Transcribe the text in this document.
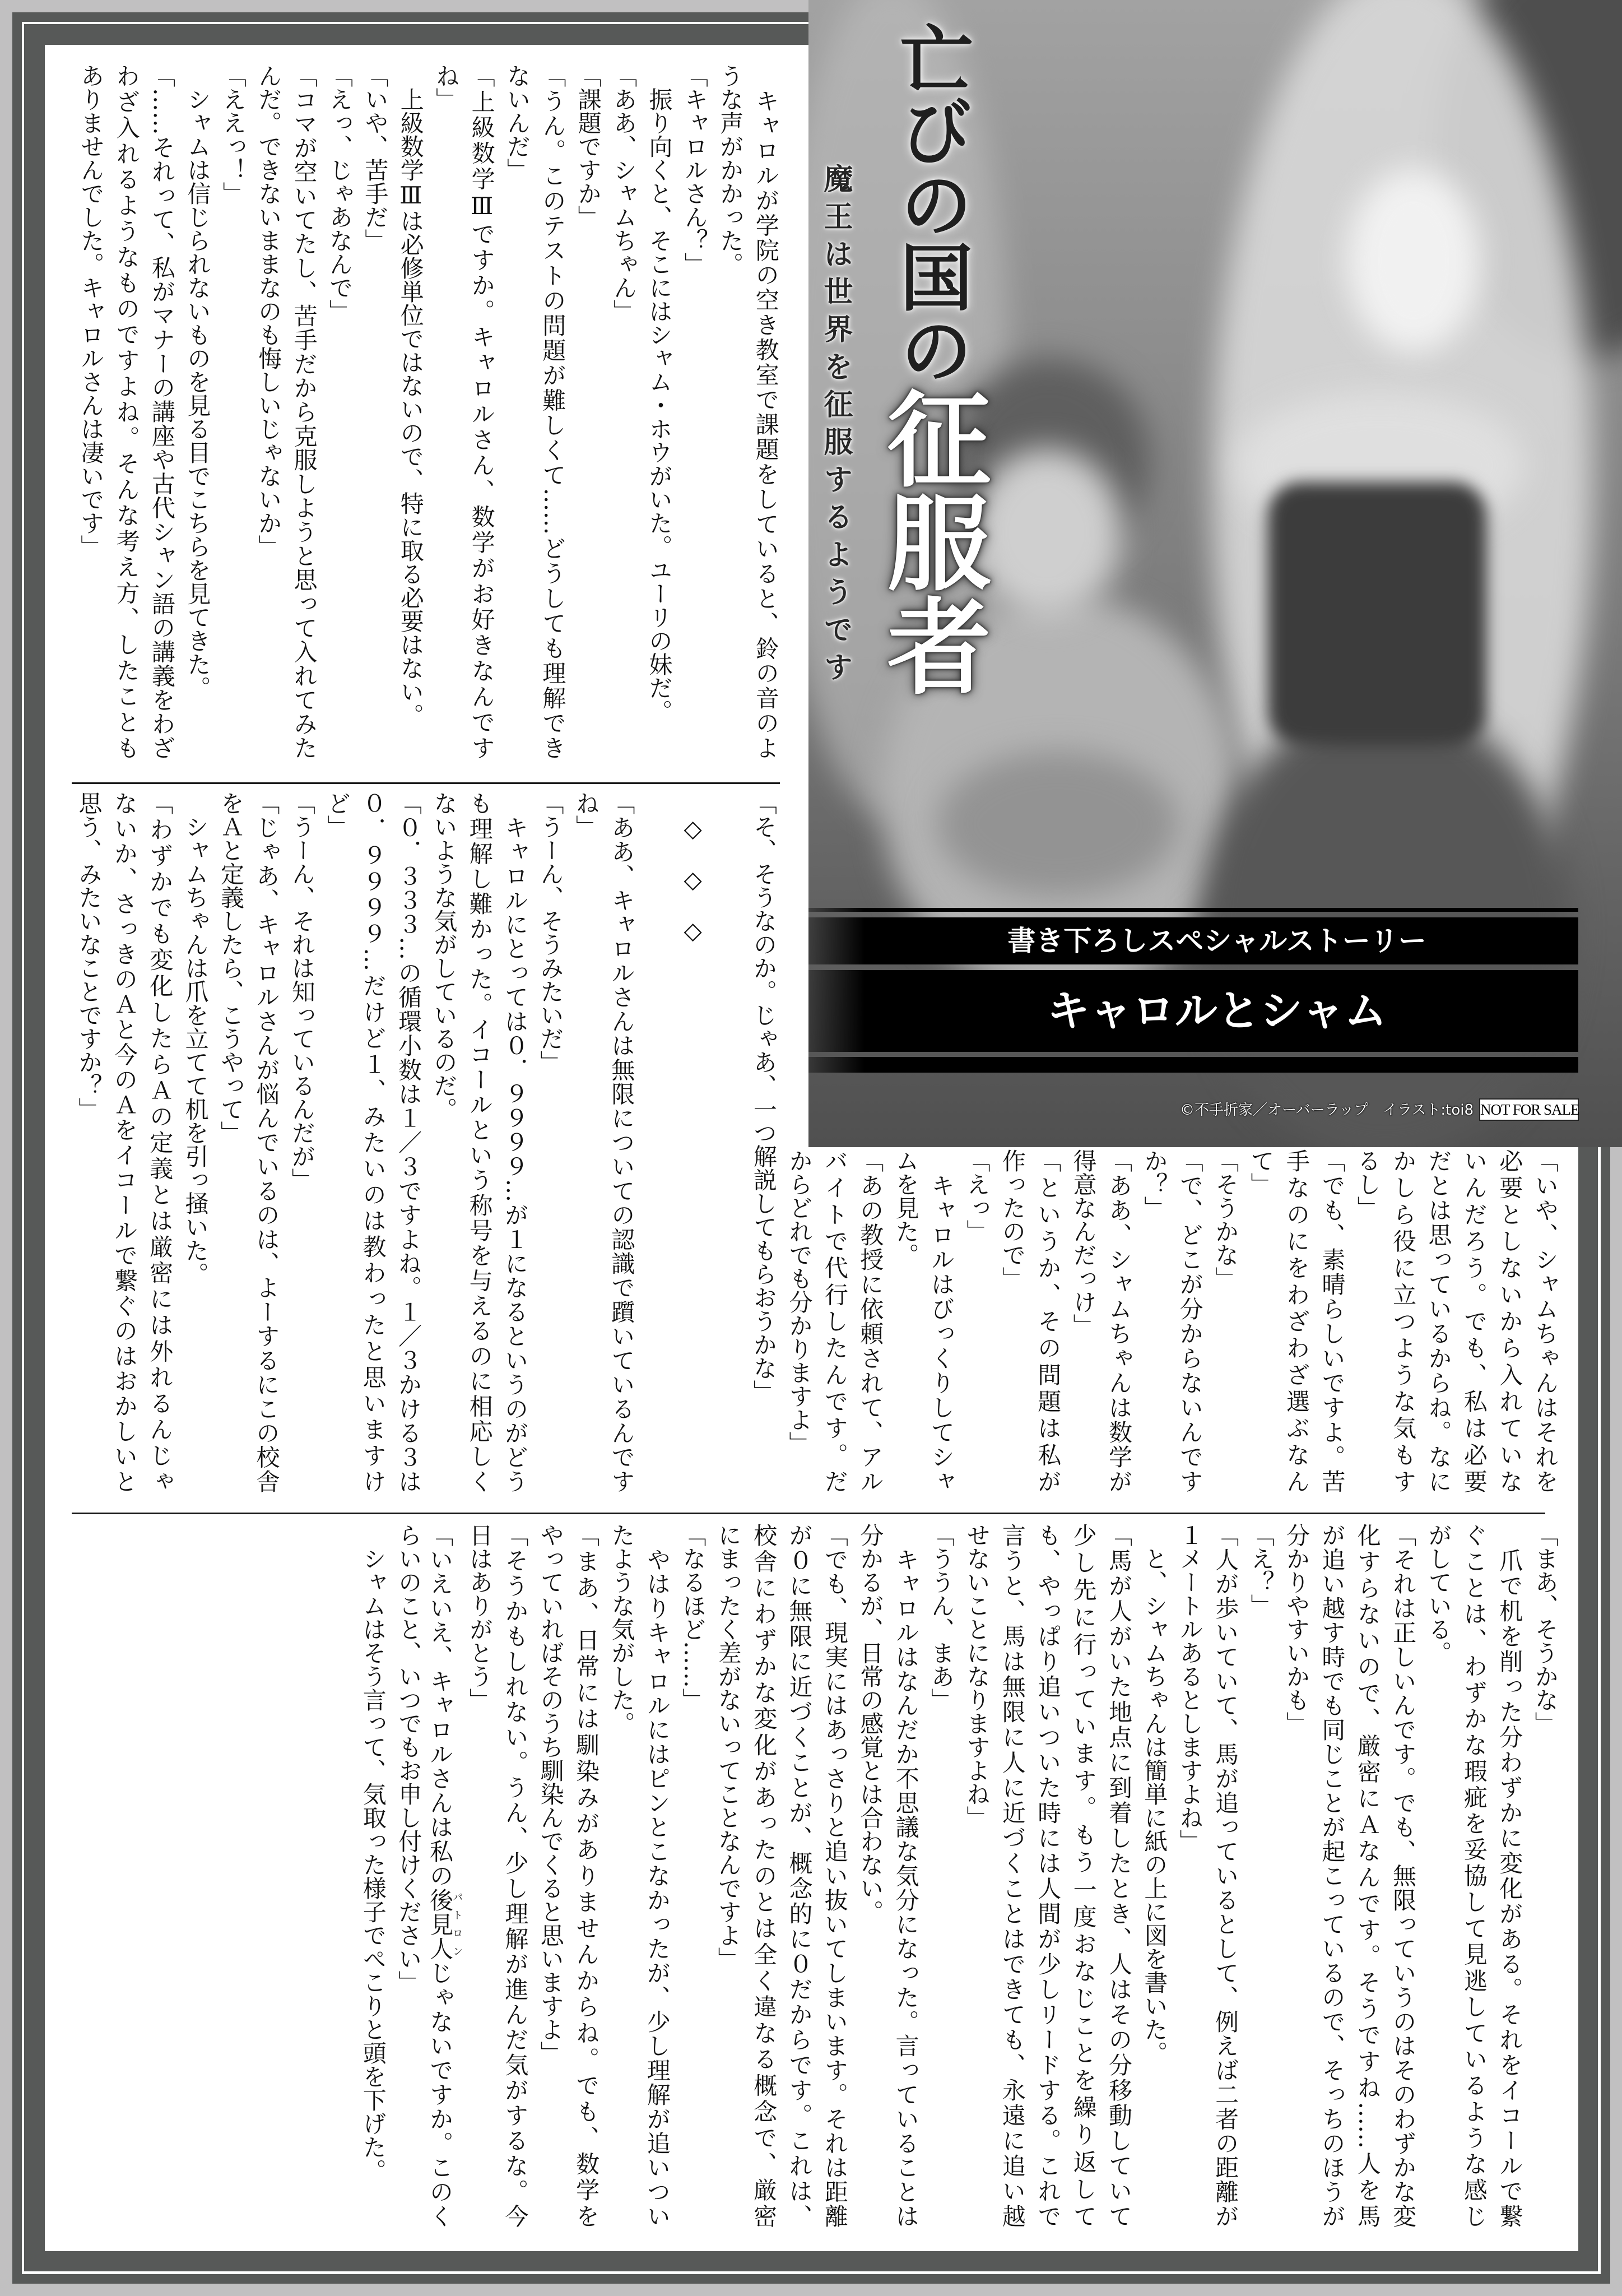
　キャロルが学院の空き教室で課題をしていると、鈴の音のよ
うな声がかかった。
「キャロルさん？」
　振り向くと、そこにはシャム・ホウがいた。ユーリの妹だ。
「ああ、シャムちゃん」
「課題ですか」
「うん。このテストの問題が難しくて……どうしても理解でき
ないんだ」
「上級数学Ⅲですか。キャロルさん、数学がお好きなんです
ね」
　上級数学Ⅲは必修単位ではないので、特に取る必要はない。
「いや、苦手だ」
「えっ、じゃあなんで」
「コマが空いてたし、苦手だから克服しようと思って入れてみた
んだ。できないままなのも悔しいじゃないか」
「ええっ！」
　シャムは信じられないものを見る目でこちらを見てきた。
「……それって、私がマナーの講座や古代シャン語の講義をわざ
わざ入れるようなものですよね。そんな考え方、したことも
ありませんでした。キャロルさんは凄いです」
「いや、シャムちゃんはそれを
必要としないから入れていな
いんだろう。でも、私は必要
だとは思っているからね。なに
かしら役に立つような気もす
るし」
「でも、素晴らしいですよ。苦
手なのにをわざわざ選ぶなん
て」
「そうかな」
「で、どこが分からないんです
か？」
「ああ、シャムちゃんは数学が
得意なんだっけ」
「というか、その問題は私が
作ったので」
「えっ」
　キャロルはびっくりしてシャ
ムを見た。
「あの教授に依頼されて、アル
バイトで代行したんです。だ
からどれでも分かりますよ」
「そ、そうなのか。じゃあ、一つ解説してもらおうかな」
　◇　◇　◇
「ああ、キャロルさんは無限についての認識で躓いているんです
ね」
「うーん、そうみたいだ」
　キャロルにとっては０．９９９９…が１になるというのがどう
も理解し難かった。イコールという称号を与えるのに相応しく
ないような気がしているのだ。
「０．３３３…の循環小数は１／３ですよね。１／３かける３は
０．９９９９…だけど１、みたいのは教わったと思いますけ
ど」
「うーん、それは知っているんだが」
「じゃあ、キャロルさんが悩んでいるのは、よーするにこの校舎
をＡと定義したら、こうやって」
　シャムちゃんは爪を立てて机を引っ掻いた。
「わずかでも変化したらＡの定義とは厳密には外れるんじゃ
ないか、さっきのＡと今のＡをイコールで繋ぐのはおかしいと
思う、みたいなことですか？」
「まあ、そうかな」
　爪で机を削った分わずかに変化がある。それをイコールで繋
ぐことは、わずかな瑕疵を妥協して見逃しているような感じ
がしている。
「それは正しいんです。でも、無限っていうのはそのわずかな変
化すらないので、厳密にＡなんです。そうですね……人を馬
が追い越す時でも同じことが起こっているので、そっちのほうが
分かりやすいかも」
「え？」
「人が歩いていて、馬が追っているとして、例えば二者の距離が
１メートルあるとしますよね」
　と、シャムちゃんは簡単に紙の上に図を書いた。
「馬が人がいた地点に到着したとき、人はその分移動していて
少し先に行っています。もう一度おなじことを繰り返して
も、やっぱり追いついた時には人間が少しリードする。これで
言うと、馬は無限に人に近づくことはできても、永遠に追い越
せないことになりますよね」
「ううん、まあ」
　キャロルはなんだか不思議な気分になった。言っていることは
分かるが、日常の感覚とは合わない。
「でも、現実にはあっさりと追い抜いてしまいます。それは距離
が０に無限に近づくことが、概念的に０だからです。これは、
校舎にわずかな変化があったのとは全く違なる概念で、厳密
にまったく差がないってことなんですよ」
「なるほど……」
　やはりキャロルにはピンとこなかったが、少し理解が追いつい
たような気がした。
「まあ、日常には馴染みがありませんからね。でも、数学を
やっていればそのうち馴染んでくると思いますよ」
「そうかもしれない。うん、少し理解が進んだ気がするな。今
日はありがとう」
「いえいえ、キャロルさんは私の後見人パトロンじゃないですか。このく
らいのこと、いつでもお申し付けください」
　シャムはそう言って、気取った様子でぺこりと頭を下げた。
亡びの国の征服者
魔王は世界を征服するようです
書き下ろしスペシャルストーリー
キャロルとシャム
©不手折家／オーバーラップ　イラスト:toi8 NOT FOR SALE
